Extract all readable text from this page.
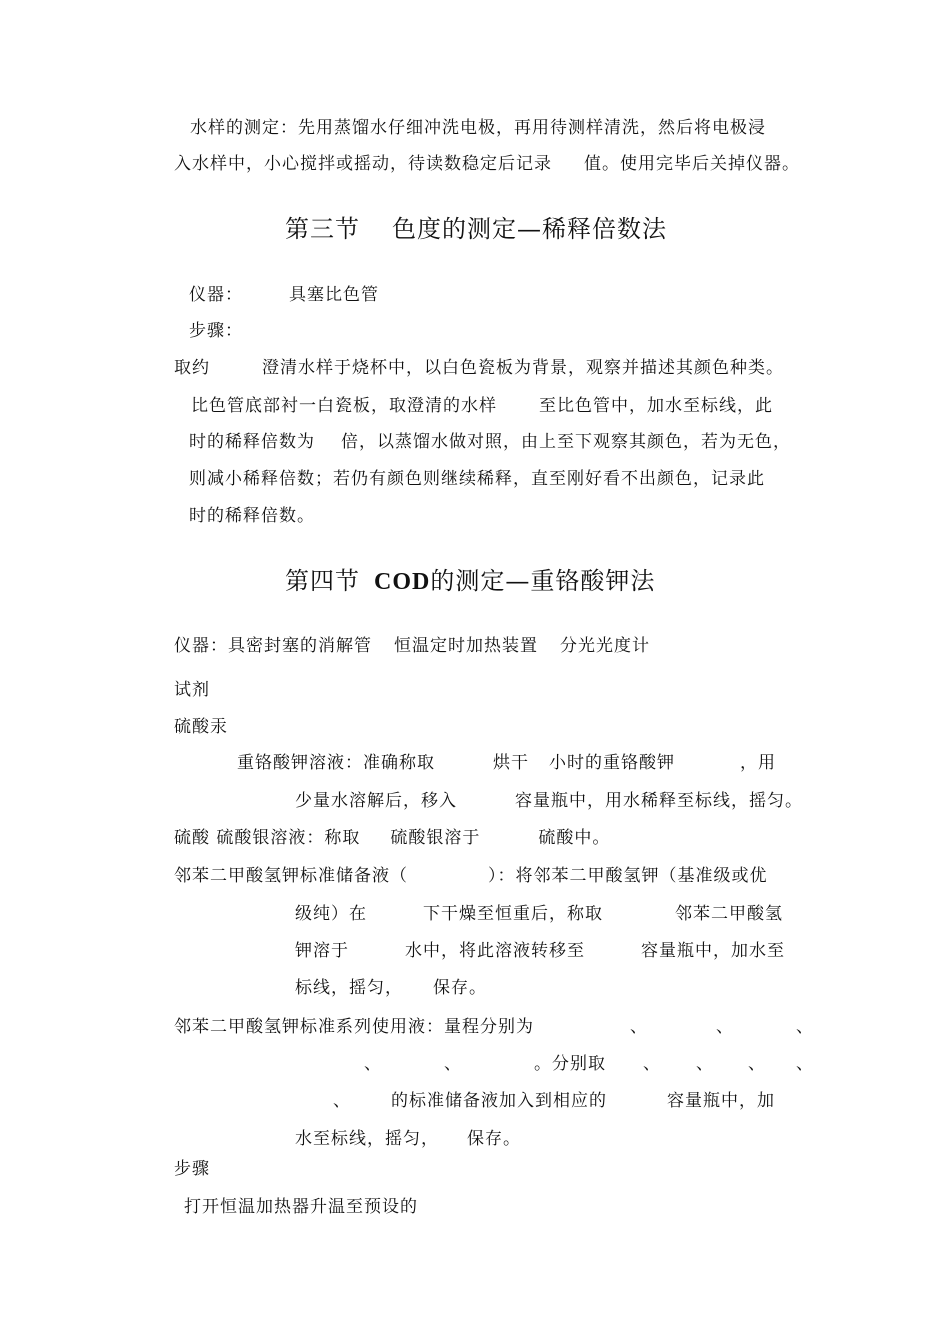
水样的测定：先用蒸馏水仔细冲洗电极，再用待测样清洗，然后将电极浸
入水样中，小心搅拌或摇动，待读数稳定后记录 值。使用完毕后关掉仪器。
第三节 色度的测定—稀释倍数法
仪器：	具塞比色管
步骤：
取约	澄清水样于烧杯中，以白色瓷板为背景，观察并描述其颜色种类。
比色管底部衬一白瓷板，取澄清的水样 至比色管中，加水至标线，此
时的稀释倍数为 倍，以蒸馏水做对照，由上至下观察其颜色，若为无色，
则减小稀释倍数；若仍有颜色则继续稀释，直至刚好看不出颜色，记录此
时的稀释倍数。
第四节 COD的测定—重铬酸钾法
仪器：具密封塞的消解管 恒温定时加热装置 分光光度计
试剂
硫酸汞
重铬酸钾溶液：准确称取	烘干 小时的重铬酸钾	，用
少量水溶解后，移入	容量瓶中，用水稀释至标线，摇匀。
硫酸 硫酸银溶液：称取 硫酸银溶于	硫酸中。
邻苯二甲酸氢钾标准储备液（	）：将邻苯二甲酸氢钾（基准级或优
级纯）在	下干燥至恒重后，称取	邻苯二甲酸氢
钾溶于	水中，将此溶液转移至	容量瓶中，加水至
标线，摇匀， 保存。
邻苯二甲酸氢钾标准系列使用液：量程分别为	、	、	、
、	、	。分别取 、 、 、 、
、 的标准储备液加入到相应的	容量瓶中，加
水至标线，摇匀， 保存。
步骤
打开恒温加热器升温至预设的
